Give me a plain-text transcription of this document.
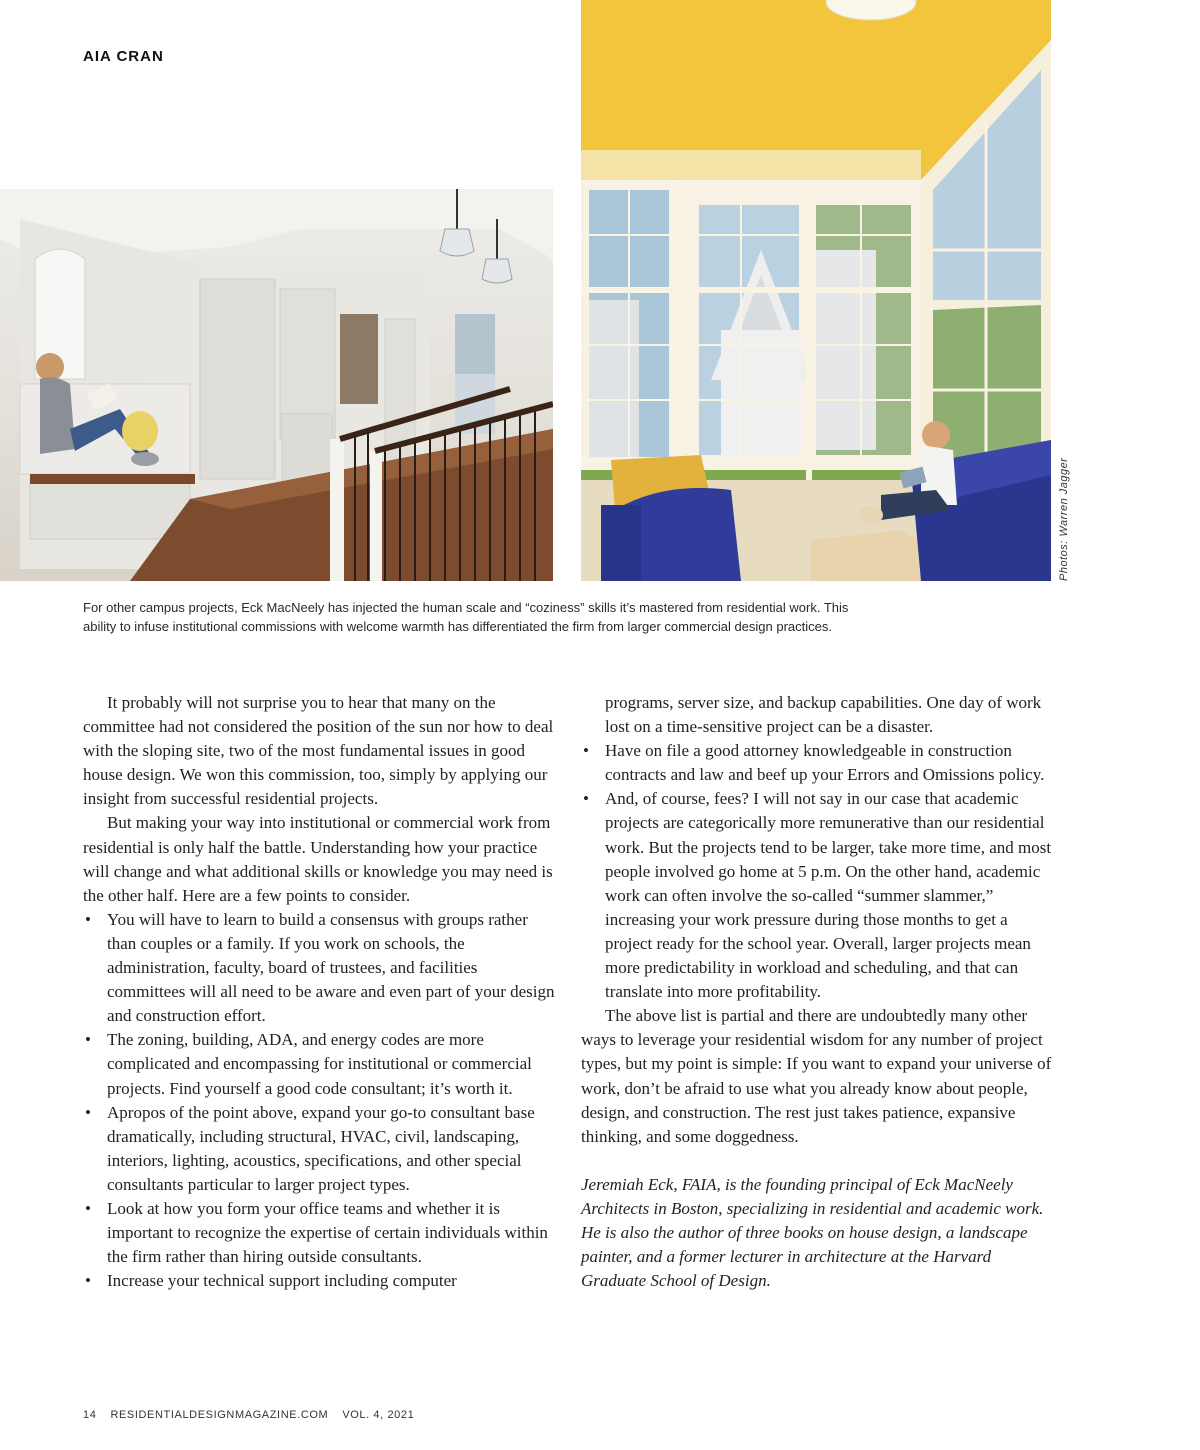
AIA CRAN
Photos: Warren Jagger

For other campus projects, Eck MacNeely has injected the human scale and “coziness” skills it’s mastered from residential work. This ability to infuse institutional commissions with welcome warmth has differentiated the firm from larger commercial design practices.

It probably will not surprise you to hear that many on the committee had not considered the position of the sun nor how to deal with the sloping site, two of the most fundamental issues in good house design. We won this commission, too, simply by applying our insight from successful residential projects.

But making your way into institutional or commercial work from residential is only half the battle. Understanding how your practice will change and what additional skills or knowledge you may need is the other half. Here are a few points to consider.

• You will have to learn to build a consensus with groups rather than couples or a family. If you work on schools, the administration, faculty, board of trustees, and facilities committees will all need to be aware and even part of your design and construction effort.
• The zoning, building, ADA, and energy codes are more complicated and encompassing for institutional or commercial projects. Find yourself a good code consultant; it’s worth it.
• Apropos of the point above, expand your go-to consultant base dramatically, including structural, HVAC, civil, landscaping, interiors, lighting, acoustics, specifications, and other special consultants particular to larger project types.
• Look at how you form your office teams and whether it is important to recognize the expertise of certain individuals within the firm rather than hiring outside consultants.
• Increase your technical support including computer

programs, server size, and backup capabilities. One day of work lost on a time-sensitive project can be a disaster.

• Have on file a good attorney knowledgeable in construction contracts and law and beef up your Errors and Omissions policy.
• And, of course, fees? I will not say in our case that academic projects are categorically more remunerative than our residential work. But the projects tend to be larger, take more time, and most people involved go home at 5 p.m. On the other hand, academic work can often involve the so-called “summer slammer,” increasing your work pressure during those months to get a project ready for the school year. Overall, larger projects mean more predictability in workload and scheduling, and that can translate into more profitability.

The above list is partial and there are undoubtedly many other ways to leverage your residential wisdom for any number of project types, but my point is simple: If you want to expand your universe of work, don’t be afraid to use what you already know about people, design, and construction. The rest just takes patience, expansive thinking, and some doggedness.

Jeremiah Eck, FAIA, is the founding principal of Eck MacNeely Architects in Boston, specializing in residential and academic work. He is also the author of three books on house design, a landscape painter, and a former lecturer in architecture at the Harvard Graduate School of Design.

14 RESIDENTIALDESIGNMAGAZINE.COM VOL. 4, 2021
